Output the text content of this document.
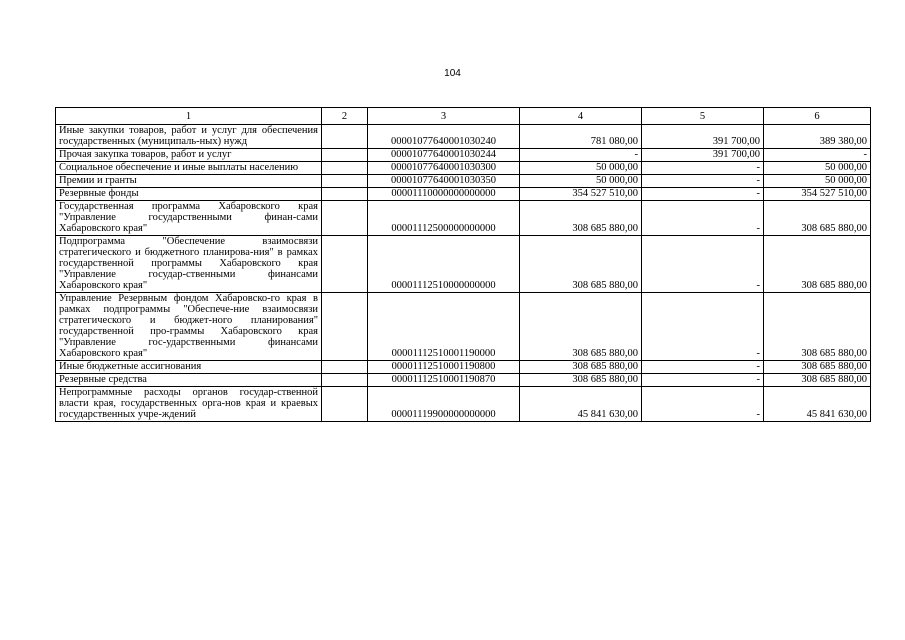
104
1	2	3	4	5	6
Иные закупки товаров, работ и услуг для обеспечения государственных (муниципаль-ных) нужд		00001077640001030240	781 080,00	391 700,00	389 380,00
Прочая закупка товаров, работ и услуг		00001077640001030244	-	391 700,00	-
Социальное обеспечение и иные выплаты населению		00001077640001030300	50 000,00	-	50 000,00
Премии и гранты		00001077640001030350	50 000,00	-	50 000,00
Резервные фонды		00001110000000000000	354 527 510,00	-	354 527 510,00
Государственная программа Хабаровского края "Управление государственными финан-сами Хабаровского края"		00001112500000000000	308 685 880,00	-	308 685 880,00
Подпрограмма "Обеспечение взаимосвязи стратегического и бюджетного планирова-ния" в рамках государственной программы Хабаровского края "Управление государ-ственными финансами Хабаровского края"		00001112510000000000	308 685 880,00	-	308 685 880,00
Управление Резервным фондом Хабаровско-го края в рамках подпрограммы "Обеспече-ние взаимосвязи стратегического и бюджет-ного планирования" государственной про-граммы Хабаровского края "Управление гос-ударственными финансами Хабаровского края"		00001112510001190000	308 685 880,00	-	308 685 880,00
Иные бюджетные ассигнования		00001112510001190800	308 685 880,00	-	308 685 880,00
Резервные средства		00001112510001190870	308 685 880,00	-	308 685 880,00
Непрограммные расходы органов государ-ственной власти края, государственных орга-нов края и краевых государственных учре-ждений		00001119900000000000	45 841 630,00	-	45 841 630,00
